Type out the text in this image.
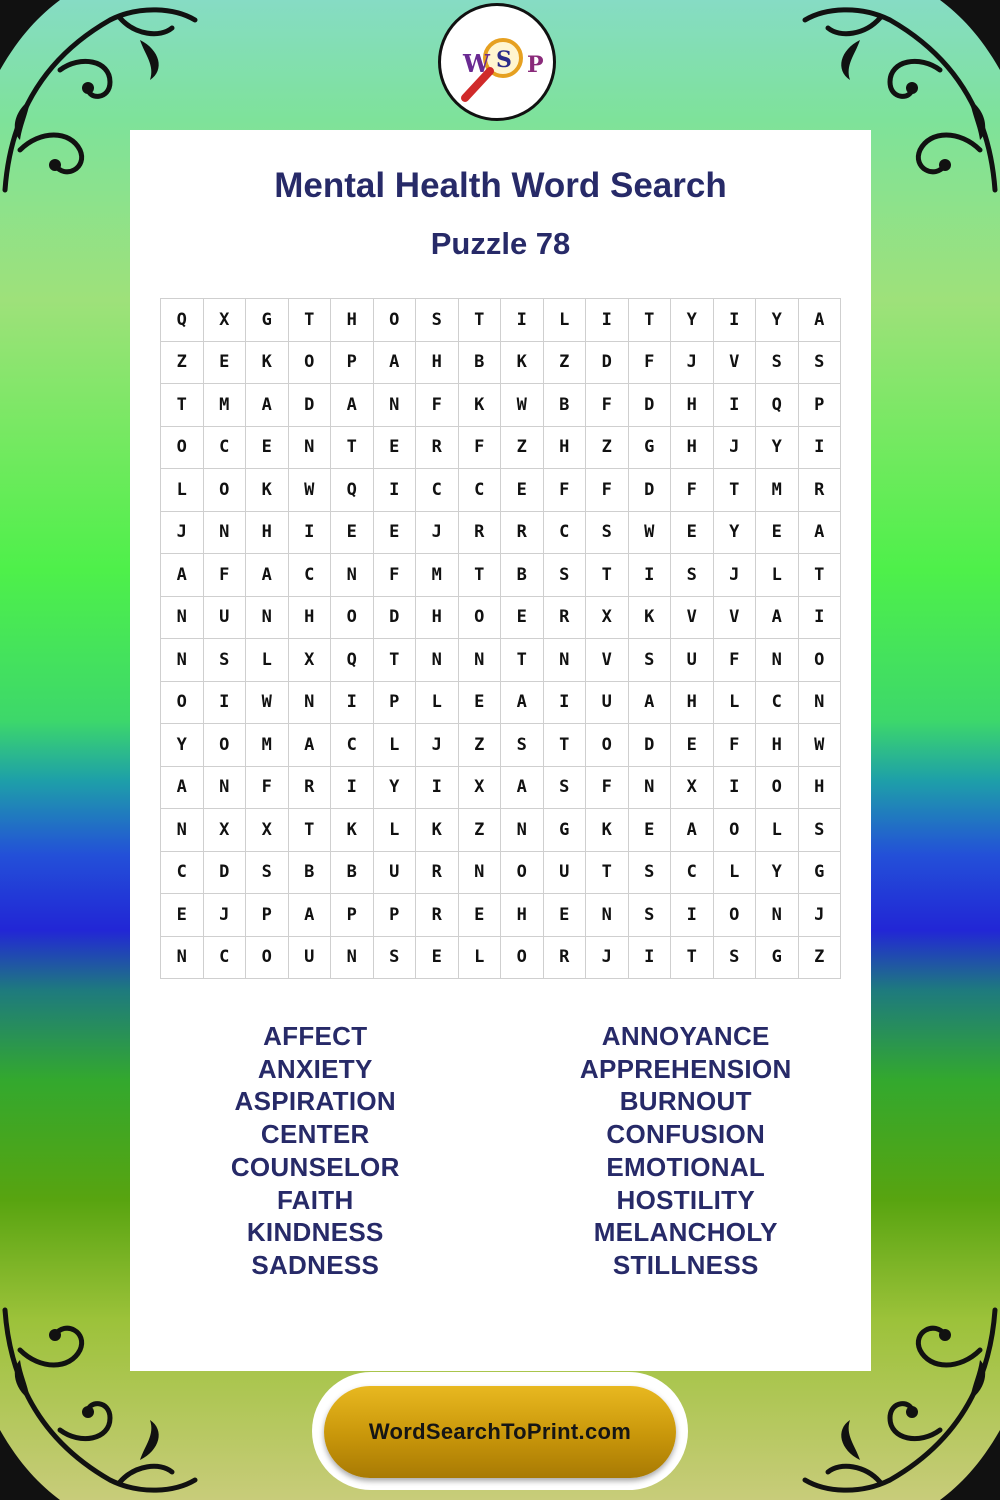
Mental Health Word Search
Puzzle 78
Q	X	G	T	H	O	S	T	I	L	I	T	Y	I	Y	A
Z	E	K	O	P	A	H	B	K	Z	D	F	J	V	S	S
T	M	A	D	A	N	F	K	W	B	F	D	H	I	Q	P
O	C	E	N	T	E	R	F	Z	H	Z	G	H	J	Y	I
L	O	K	W	Q	I	C	C	E	F	F	D	F	T	M	R
J	N	H	I	E	E	J	R	R	C	S	W	E	Y	E	A
A	F	A	C	N	F	M	T	B	S	T	I	S	J	L	T
N	U	N	H	O	D	H	O	E	R	X	K	V	V	A	I
N	S	L	X	Q	T	N	N	T	N	V	S	U	F	N	O
O	I	W	N	I	P	L	E	A	I	U	A	H	L	C	N
Y	O	M	A	C	L	J	Z	S	T	O	D	E	F	H	W
A	N	F	R	I	Y	I	X	A	S	F	N	X	I	O	H
N	X	X	T	K	L	K	Z	N	G	K	E	A	O	L	S
C	D	S	B	B	U	R	N	O	U	T	S	C	L	Y	G
E	J	P	A	P	P	R	E	H	E	N	S	I	O	N	J
N	C	O	U	N	S	E	L	O	R	J	I	T	S	G	Z
AFFECT
ANXIETY
ASPIRATION
CENTER
COUNSELOR
FAITH
KINDNESS
SADNESS
ANNOYANCE
APPREHENSION
BURNOUT
CONFUSION
EMOTIONAL
HOSTILITY
MELANCHOLY
STILLNESS
W S P
WordSearchToPrint.com
